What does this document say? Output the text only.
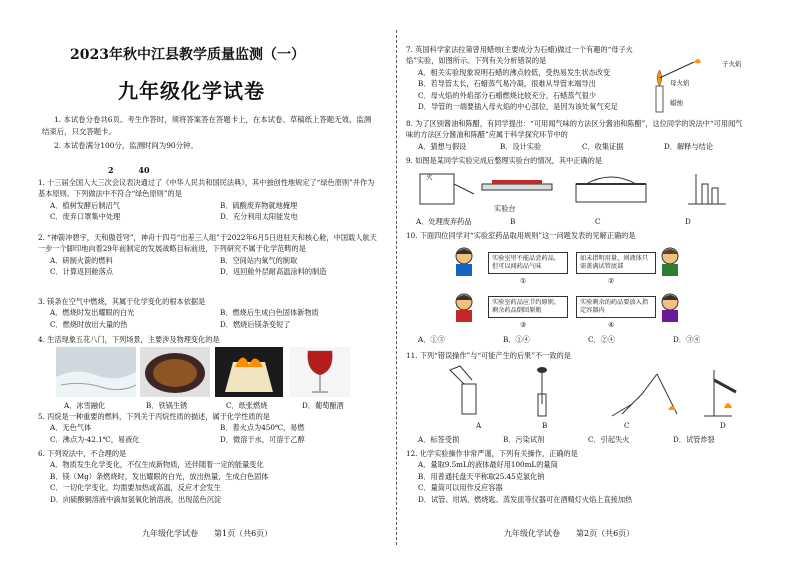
2023年秋中江县教学质量监测（一）
九年级化学试卷
1. 本试卷分卷共6页。考生作答时，须将答案答在答题卡上，在本试卷、草稿纸上答题无效，监测结束后，只交答题卡。
2. 本试卷满分100分，监测时间为90分钟。
2	40
1. 十三届全国人大三次会议表决通过了《中华人民共和国民法典》，其中独创性地规定了“绿色原则”并作为基本原则。下列做法中不符合“绿色原则”的是
A．植树发酵后制沼气	B．硫酸废弃物就地掩埋
C．废弃口罩集中处理	D．充分利用太阳能发电
2. “神箭冲碧宇，天和傲苍穹”，神舟十四号“出差三人组”于2022年6月5日进驻天和核心舱，中国载人航天一步一个脚印地向着29年前制定的发展战略目标前进，下列研究不属于化学范畴的是
A．研制火箭的燃料	B．空间站内氧气的制取
C．计算返回舱落点	D．返回舱外层耐高温涂料的制造
3. 镁条在空气中燃烧，其属于化学变化的根本依据是
A．燃烧时发出耀眼的白光	B．燃烧后生成白色固体新物质
C．燃烧时放出大量的热	D．燃烧后镁条变短了
4. 生活现象五花八门，下列场景，主要涉及物理变化的是
A．冰雪融化	B．铁锅生锈	C．纸张燃烧	D．葡萄酿酒
5. 丙烷是一种重要的燃料，下列关于丙烷性质的描述，属于化学性质的是
A．无色气体	B．着火点为450℃，易燃
C．沸点为-42.1℃，易液化	D．微溶于水，可溶于乙醇
6. 下列说法中，不合理的是
A．物质发生化学变化，不仅生成新物质，还伴随着一定的能量变化
B．镁（Mg）条燃烧时，发出耀眼的白光，放出热量，生成白色固体
C．一切化学变化，均需要加热或高温，反应才会发生
D．向硫酸铜溶液中滴加氢氧化钠溶液，出现蓝色沉淀
九年级化学试卷　　第1页（共6页）
7. 英国科学家法拉第曾用蜡烛(主要成分为石蜡)做过一个有趣的“母子火焰”实验，如图所示。下列有关分析错误的是
A．相关实验现象说明石蜡的沸点较低，受热易发生状态改变
B．若导管太长，石蜡蒸气易冷凝，很难从导管末端导出
C．母火焰的外焰部分石蜡燃烧比较充分，石蜡蒸气很少
D．导管的一端要插入母火焰的中心部位，是因为该处氧气充足
子火焰
母火焰
蜡烛
8. 为了区别酱油和陈醋，有同学提出：“可用闻气味的方法区分酱油和陈醋”，这位同学的说法中“可用闻气味的方法区分酱油和陈醋”应属于科学探究环节中的
A．猜想与假设	B．设计实验	C．收集证据	D．解释与结论
9. 如图是某同学实验完成后整理实验台的情况，其中正确的是
火
实验台
A．处理废弃药品	B	C	D
10. 下面四位同学对“实验室药品取用规则”这一问题发表的见解正确的是
实验室里不能品尝药品，但可以闻药品气味
①
如未指明用量，则液体只需盖满试管底部
②
实验室药品应节约原则，剩余药品倒回原瓶
③
实验剩余的药品要放入指定容器内
④
A．①③	B．①④	C．②④	D．③④
11. 下列“错误操作”与“可能产生的后果”不一致的是
A	B	C	D
A．标签受损	B．污染试剂	C．引起失火	D．试管炸裂
12. 化学实验操作非常严谨，下列有关操作，正确的是
A．量取9.5mL的液体最好用100mL的量筒
B．用普通托盘天平称取25.45克氯化钠
C．量筒可以用作反应容器
D．试管、坩埚、燃烧匙、蒸发皿等仪器可在酒精灯火焰上直接加热
九年级化学试卷　　第2页（共6页）
